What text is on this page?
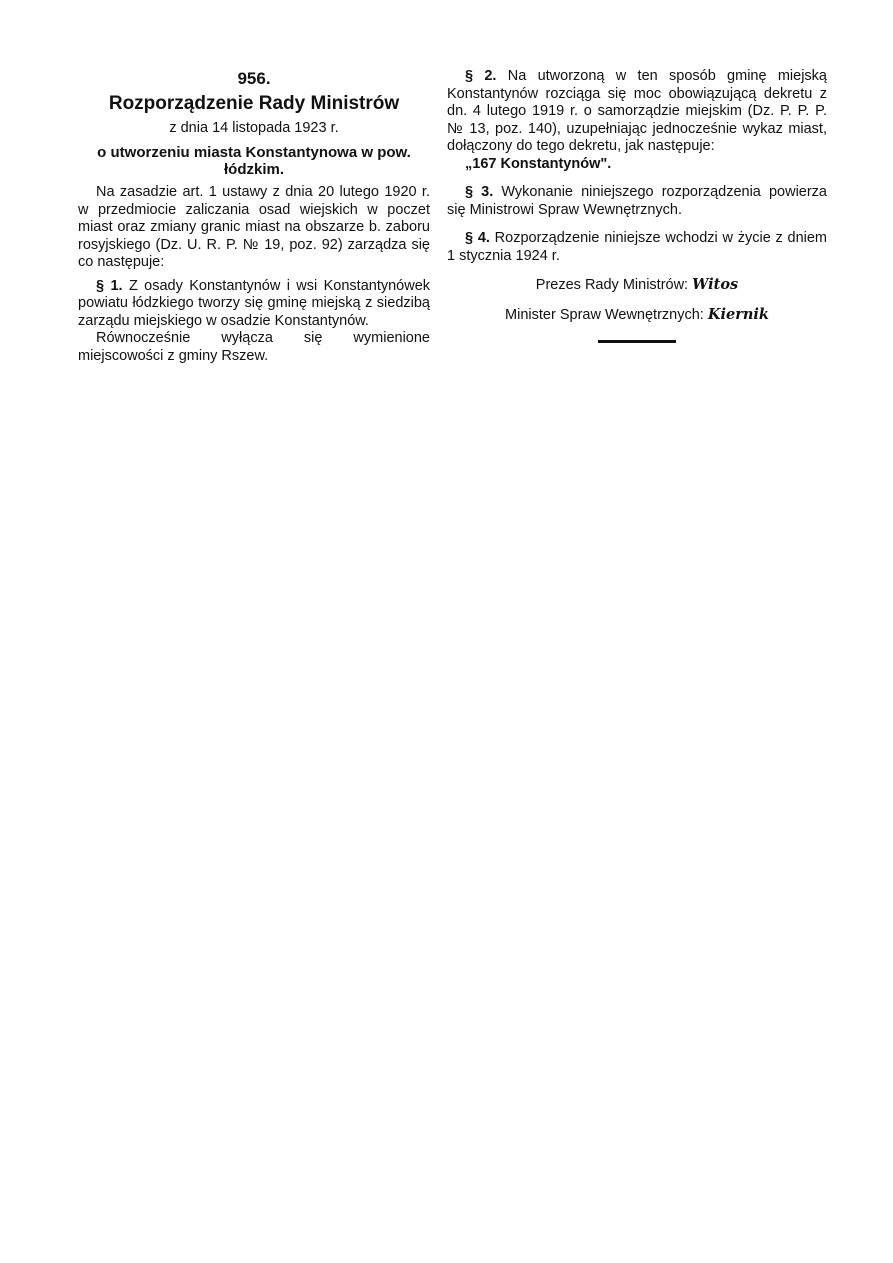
956.
Rozporządzenie Rady Ministrów
z dnia 14 listopada 1923 r.
o utworzeniu miasta Konstantynowa w pow. łódzkim.

Na zasadzie art. 1 ustawy z dnia 20 lutego 1920 r. w przedmiocie zaliczania osad wiejskich w poczet miast oraz zmiany granic miast na obszarze b. zaboru rosyjskiego (Dz. U. R. P. № 19, poz. 92) zarządza się co następuje:

§ 1. Z osady Konstantynów i wsi Konstantynówek powiatu łódzkiego tworzy się gminę miejską z siedzibą zarządu miejskiego w osadzie Konstantynów.

Równocześnie wyłącza się wymienione miejscowości z gminy Rszew.

§ 2. Na utworzoną w ten sposób gminę miejską Konstantynów rozciąga się moc obowiązującą dekretu z dn. 4 lutego 1919 r. o samorządzie miejskim (Dz. P. P. P. № 13, poz. 140), uzupełniając jednocześnie wykaz miast, dołączony do tego dekretu, jak następuje:

„167 Konstantynów".

§ 3. Wykonanie niniejszego rozporządzenia powierza się Ministrowi Spraw Wewnętrznych.

§ 4. Rozporządzenie niniejsze wchodzi w życie z dniem 1 stycznia 1924 r.

Prezes Rady Ministrów: Witos

Minister Spraw Wewnętrznych: Kiernik
